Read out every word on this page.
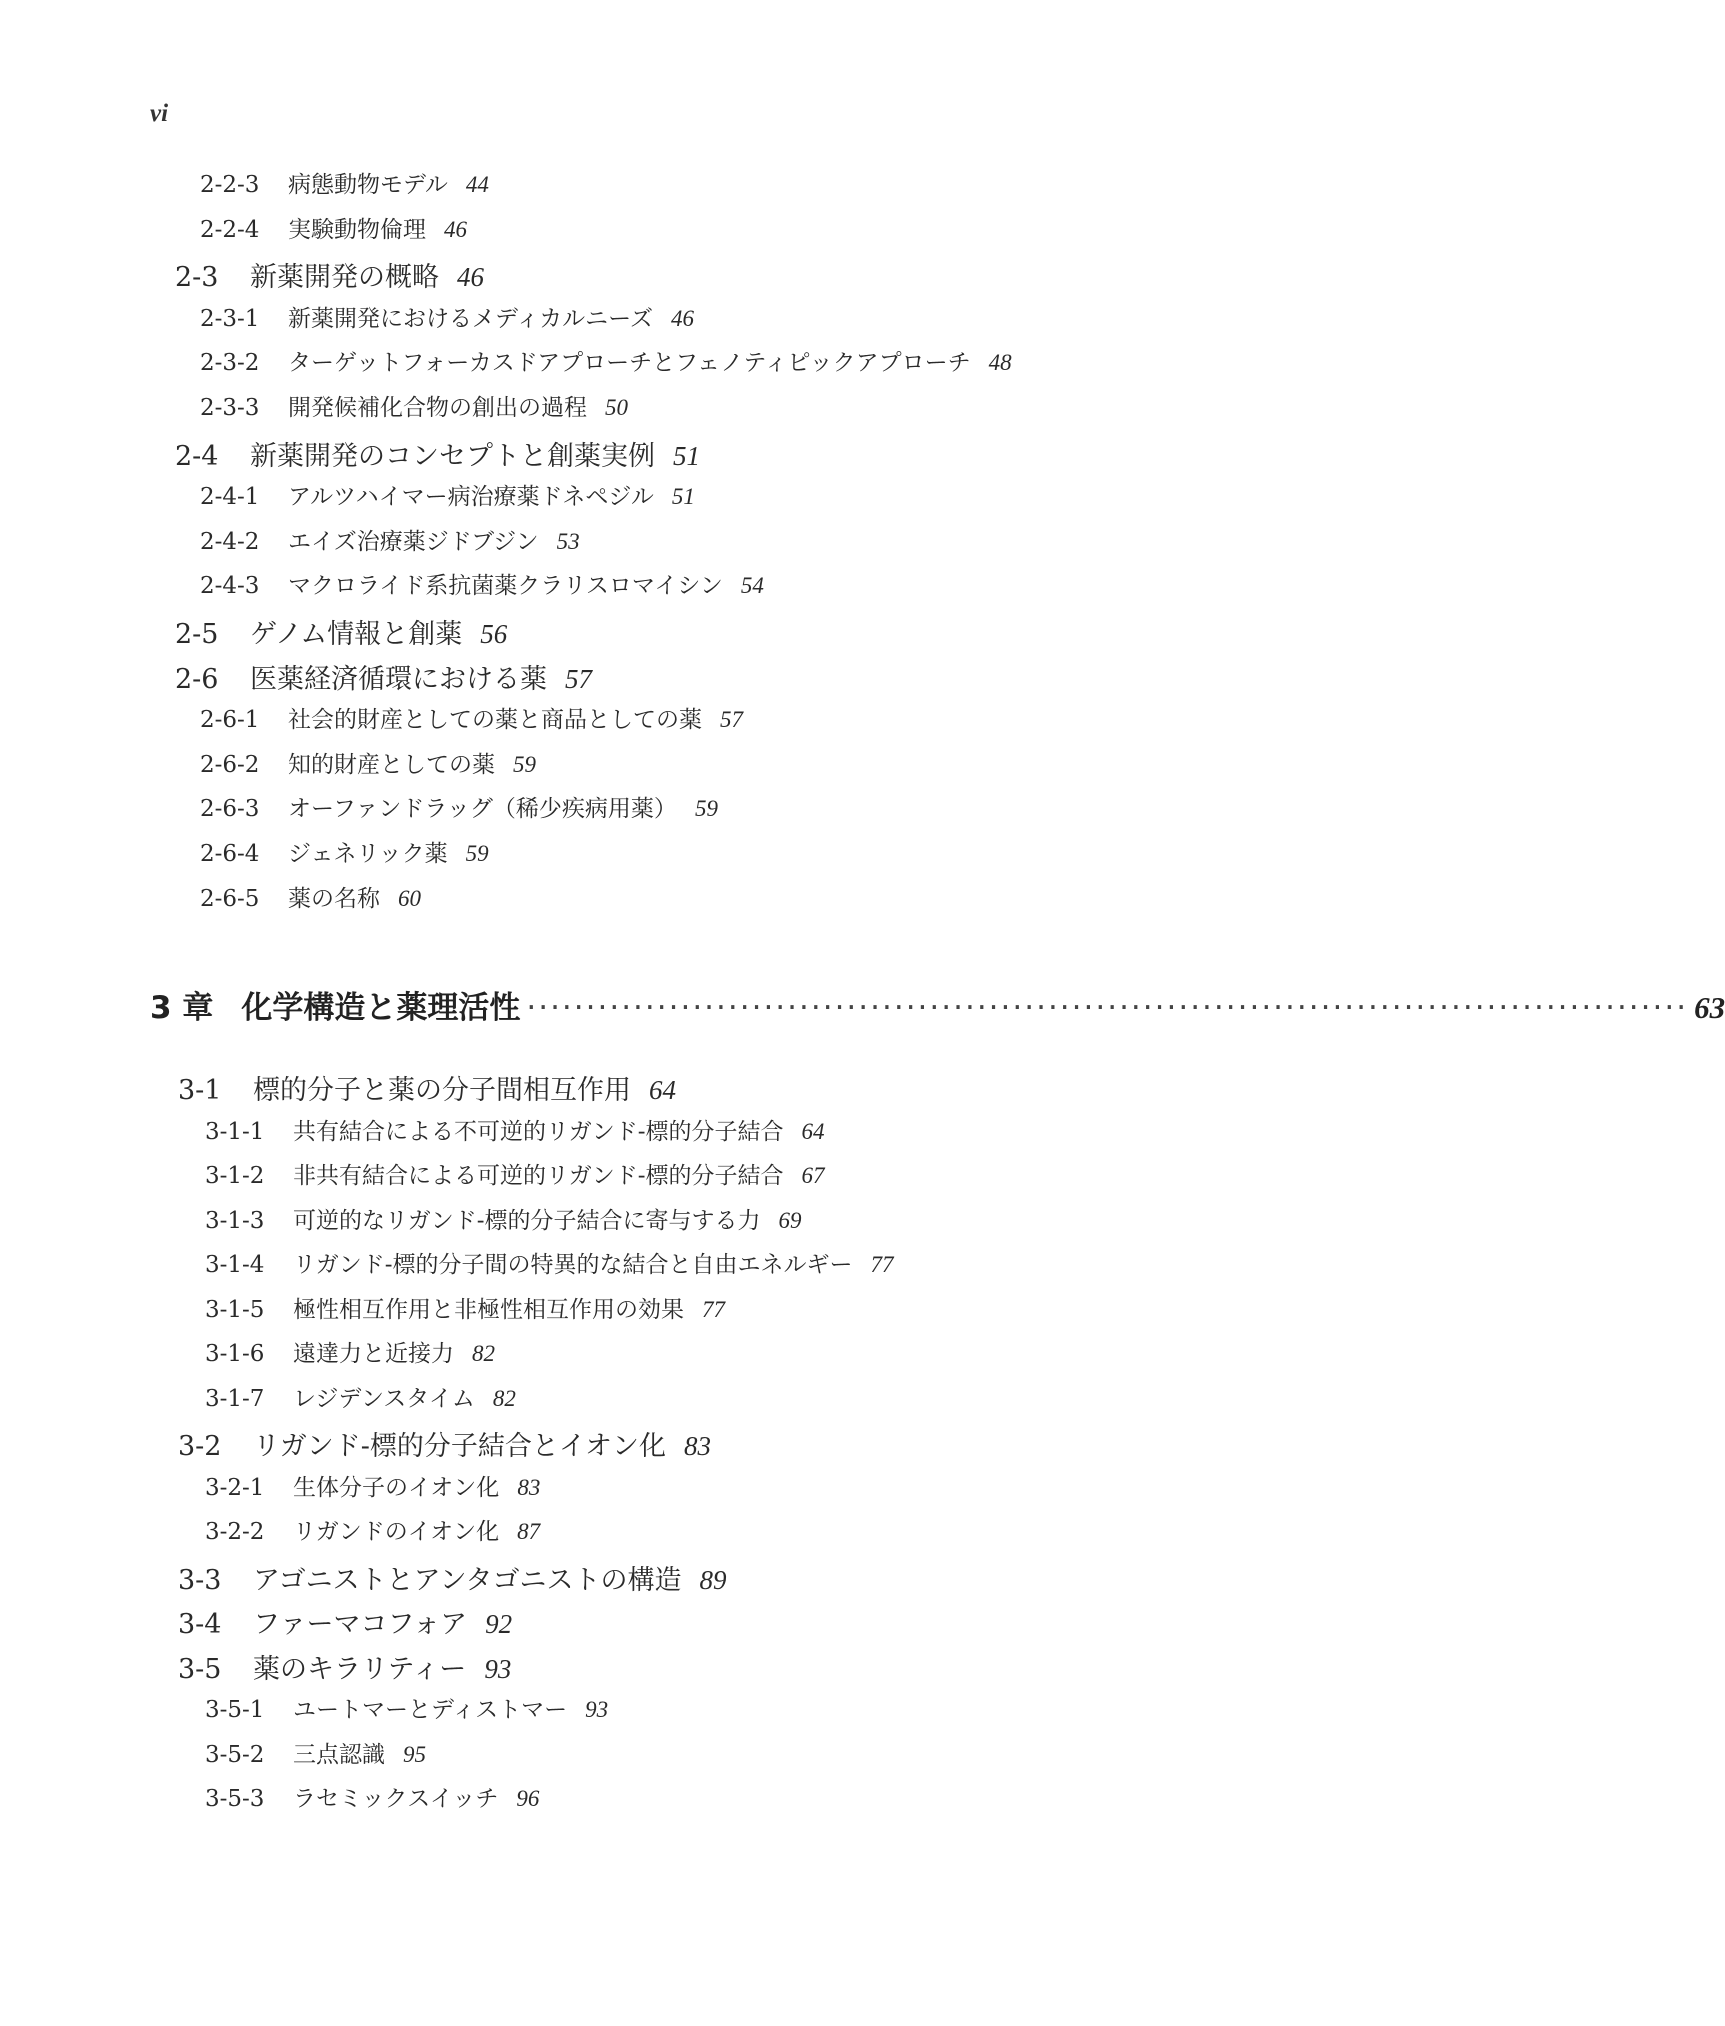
vi
2-2-3	病態動物モデル 44
2-2-4	実験動物倫理 46
2-3	新薬開発の概略 46
2-3-1	新薬開発におけるメディカルニーズ 46
2-3-2	ターゲットフォーカスドアプローチとフェノティピックアプローチ 48
2-3-3	開発候補化合物の創出の過程 50
2-4	新薬開発のコンセプトと創薬実例 51
2-4-1	アルツハイマー病治療薬ドネペジル 51
2-4-2	エイズ治療薬ジドブジン 53
2-4-3	マクロライド系抗菌薬クラリスロマイシン 54
2-5	ゲノム情報と創薬 56
2-6	医薬経済循環における薬 57
2-6-1	社会的財産としての薬と商品としての薬 57
2-6-2	知的財産としての薬 59
2-6-3	オーファンドラッグ（稀少疾病用薬） 59
2-6-4	ジェネリック薬 59
2-6-5	薬の名称 60
3 章 化学構造と薬理活性 ·································································································· 63
3-1	標的分子と薬の分子間相互作用 64
3-1-1	共有結合による不可逆的リガンド-標的分子結合 64
3-1-2	非共有結合による可逆的リガンド-標的分子結合 67
3-1-3	可逆的なリガンド-標的分子結合に寄与する力 69
3-1-4	リガンド-標的分子間の特異的な結合と自由エネルギー 77
3-1-5	極性相互作用と非極性相互作用の効果 77
3-1-6	遠達力と近接力 82
3-1-7	レジデンスタイム 82
3-2	リガンド-標的分子結合とイオン化 83
3-2-1	生体分子のイオン化 83
3-2-2	リガンドのイオン化 87
3-3	アゴニストとアンタゴニストの構造 89
3-4	ファーマコフォア 92
3-5	薬のキラリティー 93
3-5-1	ユートマーとディストマー 93
3-5-2	三点認識 95
3-5-3	ラセミックスイッチ 96
